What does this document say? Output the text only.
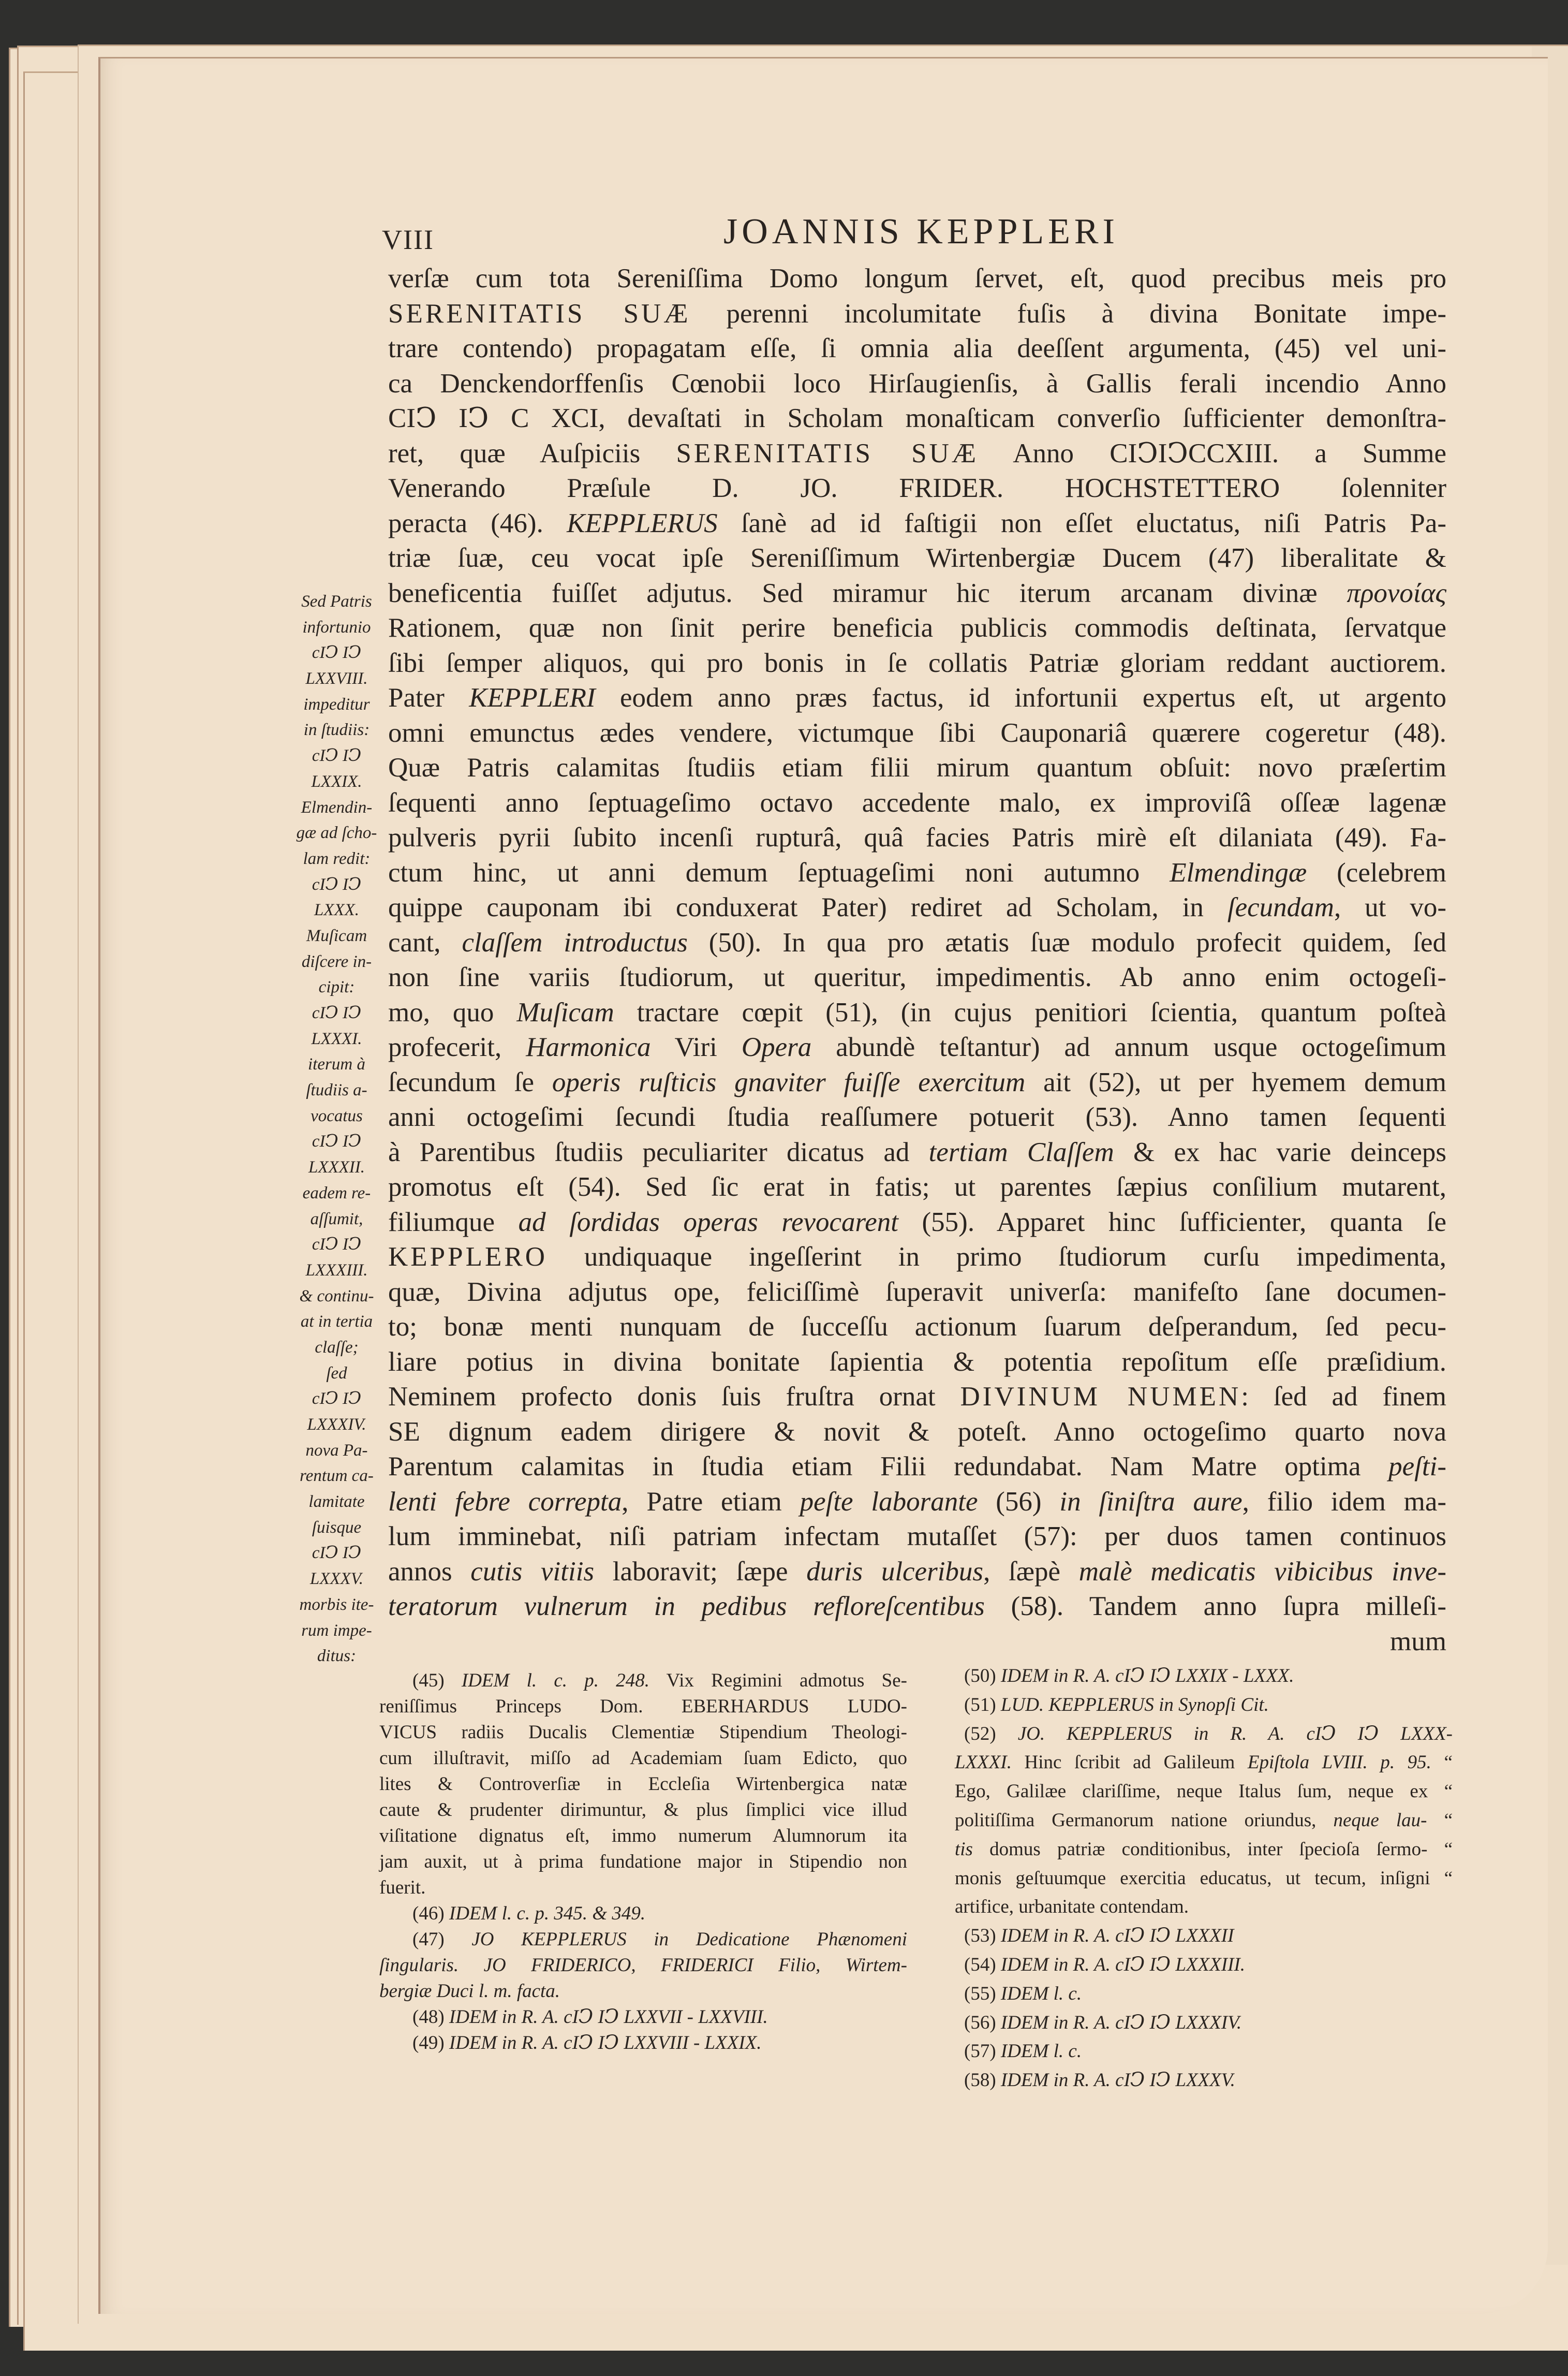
VIII	JOANNIS KEPPLERI
verſæ cum tota Sereniſſima Domo longum ſervet, eſt, quod precibus meis pro
SERENITATIS SUÆ perenni incolumitate fuſis à divina Bonitate impe-
trare contendo) propagatam eſſe, ſi omnia alia deeſſent argumenta, (45) vel uni-
ca Denckendorffenſis Cœnobii loco Hirſaugienſis, à Gallis ferali incendio Anno
CIↃ IↃ C XCI, devaſtati in Scholam monaſticam converſio ſufficienter demonſtra-
ret, quæ Auſpiciis SERENITATIS SUÆ Anno CIↃIↃCCXIII. a Summe
Venerando Præſule D. JO. FRIDER. HOCHSTETTERO ſolenniter
peracta (46). KEPPLERUS ſanè ad id faſtigii non eſſet eluctatus, niſi Patris Pa-
triæ ſuæ, ceu vocat ipſe Sereniſſimum Wirtenbergiæ Ducem (47) liberalitate &
beneficentia fuiſſet adjutus. Sed miramur hic iterum arcanam divinæ προνοίας
Rationem, quæ non ſinit perire beneficia publicis commodis deſtinata, ſervatque
ſibi ſemper aliquos, qui pro bonis in ſe collatis Patriæ gloriam reddant auctiorem.
Pater KEPPLERI eodem anno præs factus, id infortunii expertus eſt, ut argento
omni emunctus ædes vendere, victumque ſibi Cauponariâ quærere cogeretur (48).
Quæ Patris calamitas ſtudiis etiam filii mirum quantum obſuit: novo præſertim
ſequenti anno ſeptuageſimo octavo accedente malo, ex improviſâ oſſeæ lagenæ
pulveris pyrii ſubito incenſi rupturâ, quâ facies Patris mirè eſt dilaniata (49). Fa-
ctum hinc, ut anni demum ſeptuageſimi noni autumno Elmendingæ (celebrem
quippe cauponam ibi conduxerat Pater) rediret ad Scholam, in ſecundam, ut vo-
cant, claſſem introductus (50). In qua pro ætatis ſuæ modulo profecit quidem, ſed
non ſine variis ſtudiorum, ut queritur, impedimentis. Ab anno enim octogeſi-
mo, quo Muſicam tractare cœpit (51), (in cujus penitiori ſcientia, quantum poſteà
profecerit, Harmonica Viri Opera abundè teſtantur) ad annum usque octogeſimum
ſecundum ſe operis ruſticis gnaviter fuiſſe exercitum ait (52), ut per hyemem demum
anni octogeſimi ſecundi ſtudia reaſſumere potuerit (53). Anno tamen ſequenti
à Parentibus ſtudiis peculiariter dicatus ad tertiam Claſſem & ex hac varie deinceps
promotus eſt (54). Sed ſic erat in fatis; ut parentes ſæpius conſilium mutarent,
filiumque ad ſordidas operas revocarent (55). Apparet hinc ſufficienter, quanta ſe
KEPPLERO undiquaque ingeſſerint in primo ſtudiorum curſu impedimenta,
quæ, Divina adjutus ope, feliciſſimè ſuperavit univerſa: manifeſto ſane documen-
to; bonæ menti nunquam de ſucceſſu actionum ſuarum deſperandum, ſed pecu-
liare potius in divina bonitate ſapientia & potentia repoſitum eſſe præſidium.
Neminem profecto donis ſuis fruſtra ornat DIVINUM NUMEN: ſed ad finem
SE dignum eadem dirigere & novit & poteſt. Anno octogeſimo quarto nova
Parentum calamitas in ſtudia etiam Filii redundabat. Nam Matre optima peſti-
lenti febre correpta, Patre etiam peſte laborante (56) in ſiniſtra aure, filio idem ma-
lum imminebat, niſi patriam infectam mutaſſet (57): per duos tamen continuos
annos cutis vitiis laboravit; ſæpe duris ulceribus, ſæpè malè medicatis vibicibus inve-
teratorum vulnerum in pedibus refloreſcentibus (58). Tandem anno ſupra milleſi-
mum
Sed Patris
infortunio
cIↃ IↃ
LXXVIII.
impeditur
in ſtudiis:
cIↃ IↃ
LXXIX.
Elmendin-
gæ ad ſcho-
lam redit:
cIↃ IↃ
LXXX.
Muſicam
diſcere in-
cipit:
cIↃ IↃ
LXXXI.
iterum à
ſtudiis a-
vocatus
cIↃ IↃ
LXXXII.
eadem re-
aſſumit,
cIↃ IↃ
LXXXIII.
& continu-
at in tertia
claſſe;
ſed
cIↃ IↃ
LXXXIV.
nova Pa-
rentum ca-
lamitate
ſuisque
cIↃ IↃ
LXXXV.
morbis ite-
rum impe-
ditus:
(45) IDEM l. c. p. 248. Vix Regimini admotus Se-
reniſſimus Princeps Dom. EBERHARDUS LUDO-
VICUS radiis Ducalis Clementiæ Stipendium Theologi-
cum illuſtravit, miſſo ad Academiam ſuam Edicto, quo
lites & Controverſiæ in Eccleſia Wirtenbergica natæ
caute & prudenter dirimuntur, & plus ſimplici vice illud
viſitatione dignatus eſt, immo numerum Alumnorum ita
jam auxit, ut à prima fundatione major in Stipendio non
fuerit.
(46) IDEM l. c. p. 345. & 349.
(47) JO KEPPLERUS in Dedicatione Phænomeni
ſingularis. JO FRIDERICO, FRIDERICI Filio, Wirtem-
bergiæ Duci l. m. facta.
(48) IDEM in R. A. cIↃ IↃ LXXVII - LXXVIII.
(49) IDEM in R. A. cIↃ IↃ LXXVIII - LXXIX.
(50) IDEM in R. A. cIↃ IↃ LXXIX - LXXX.
(51) LUD. KEPPLERUS in Synopſi Cit.
(52) JO. KEPPLERUS in R. A. cIↃ IↃ LXXX-
LXXXI. Hinc ſcribit ad Galileum Epiſtola LVIII. p. 95. “
Ego, Galilæe clariſſime, neque Italus ſum, neque ex “
politiſſima Germanorum natione oriundus, neque lau- “
tis domus patriæ conditionibus, inter ſpecioſa ſermo- “
monis geſtuumque exercitia educatus, ut tecum, inſigni “
artifice, urbanitate contendam.
(53) IDEM in R. A. cIↃ IↃ LXXXII
(54) IDEM in R. A. cIↃ IↃ LXXXIII.
(55) IDEM l. c.
(56) IDEM in R. A. cIↃ IↃ LXXXIV.
(57) IDEM l. c.
(58) IDEM in R. A. cIↃ IↃ LXXXV.
